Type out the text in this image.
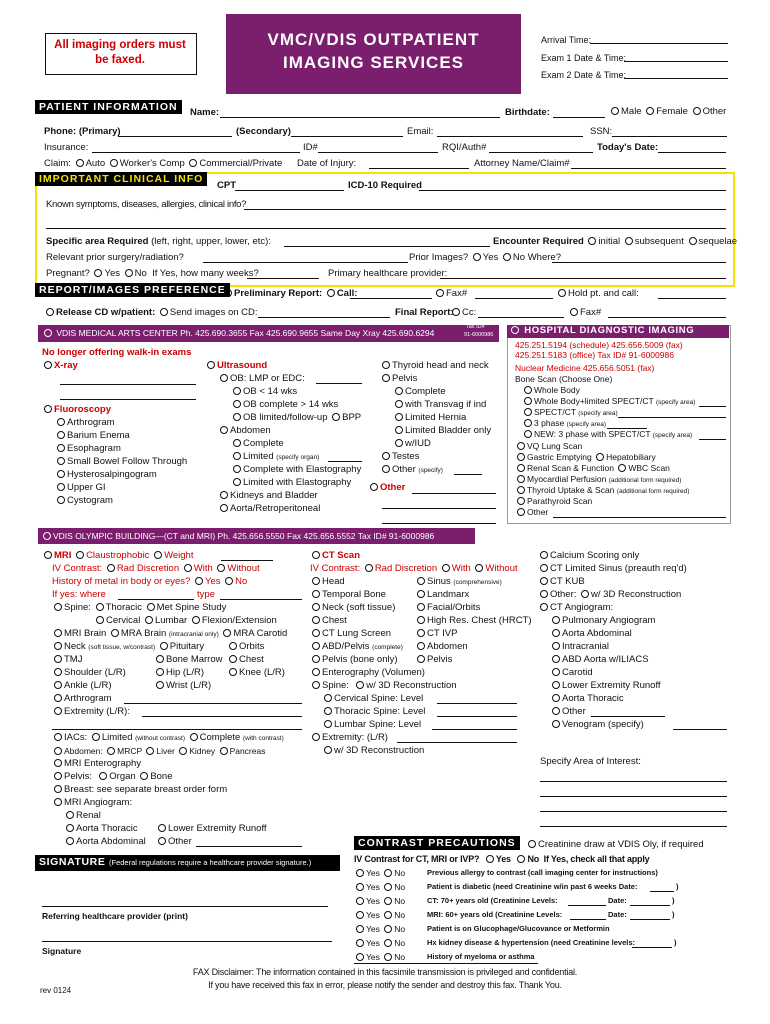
All imaging orders must be faxed.
VMC/VDIS OUTPATIENT
IMAGING SERVICES
Arrival Time:
Exam 1 Date & Time:
Exam 2 Date & Time:
PATIENT INFORMATION	Name:	Birthdate:	Male Female Other
Phone: (Primary)	(Secondary)	Email:	SSN:
Insurance:	ID#	RQI/Auth#	Today's Date:
Claim: Auto Worker's Comp Commercial/Private Date of Injury:	Attorney Name/Claim#
IMPORTANT CLINICAL INFO
CPT	ICD-10 Required
Known symptoms, diseases, allergies, clinical info?
Specific area Required (left, right, upper, lower, etc):	Encounter Required initial subsequent sequelae
Relevant prior surgery/radiation?	Prior Images? Yes No Where?
Pregnant? Yes No If Yes, how many weeks?	Primary healthcare provider:
REPORT/IMAGES PREFERENCE Preliminary Report: Call:	Fax#	Hold pt. and call:
Release CD w/patient: Send images on CD:	Final Report: Cc:	Fax#
VDIS MEDICAL ARTS CENTER Ph. 425.690.3655 Fax 425.690.9655 Same Day Xray 425.690.6294
Tax ID#
91-6000986
No longer offering walk-in exams
X-ray
Fluoroscopy
Arthrogram
Barium Enema
Esophagram
Small Bowel Follow Through
Hysterosalpingogram
Upper GI
Cystogram
Ultrasound
OB: LMP or EDC:
OB < 14 wks
OB complete > 14 wks
OB limited/follow-up BPP
Abdomen
Complete
Limited (specify organ)
Complete with Elastography
Limited with Elastography
Kidneys and Bladder
Aorta/Retroperitoneal
Thyroid head and neck
Pelvis
Complete
with Transvag if ind
Limited Hernia
Limited Bladder only
w/IUD
Testes
Other (specify)
Other
HOSPITAL DIAGNOSTIC IMAGING
425.251.5194 (schedule) 425.656.5009 (fax)
425.251.5183 (office) Tax ID# 91-6000986
Nuclear Medicine 425.656.5051 (fax)
Bone Scan (Choose One)
Whole Body
Whole Body+limited SPECT/CT (specify area)
SPECT/CT (specify area)
3 phase (specify area)
NEW: 3 phase with SPECT/CT (specify area)
VQ Lung Scan
Gastric Emptying Hepatobiliary
Renal Scan & Function WBC Scan
Myocardial Perfusion (additional form required)
Thyroid Uptake & Scan (additional form required)
Parathyroid Scan
Other
VDIS OLYMPIC BUILDING—(CT and MRI) Ph. 425.656.5550 Fax 425.656.5552 Tax ID# 91-6000986
MRI Claustrophobic Weight
IV Contrast: Rad Discretion With Without
History of metal in body or eyes? Yes No
If yes: where	type
Spine: Thoracic Met Spine Study
Cervical Lumbar Flexion/Extension
MRI Brain MRA Brain (intracranial only) MRA Carotid
Neck (soft tissue, w/contrast) Pituitary	Orbits
TMJ	Bone Marrow	Chest
Shoulder (L/R)	Hip (L/R)	Knee (L/R)
Ankle (L/R)	Wrist (L/R)
Arthrogram
Extremity (L/R):
IACs: Limited (without contrast) Complete (with contrast)
Abdomen: MRCP Liver Kidney Pancreas
MRI Enterography
Pelvis: Organ Bone
Breast: see separate breast order form
MRI Angiogram:
Renal
Aorta Thoracic	Lower Extremity Runoff
Aorta Abdominal	Other
CT Scan
IV Contrast: Rad Discretion With Without
Head	Sinus (comprehensive)
Temporal Bone	Landmarx
Neck (soft tissue)	Facial/Orbits
Chest	High Res. Chest (HRCT)
CT Lung Screen	CT IVP
ABD/Pelvis (complete)	Abdomen
Pelvis (bone only)	Pelvis
Enterography (Volumen)
Spine: w/ 3D Reconstruction
Cervical Spine: Level
Thoracic Spine: Level
Lumbar Spine: Level
Extremity: (L/R)
w/ 3D Reconstruction
Calcium Scoring only
CT Limited Sinus (preauth req'd)
CT KUB
Other: w/ 3D Reconstruction
CT Angiogram:
Pulmonary Angiogram
Aorta Abdominal
Intracranial
ABD Aorta w/ILIACS
Carotid
Lower Extremity Runoff
Aorta Thoracic
Other
Venogram (specify)
Specify Area of Interest:
CONTRAST PRECAUTIONS	Creatinine draw at VDIS Oly, if required
IV Contrast for CT, MRI or IVP? Yes No If Yes, check all that apply
Yes No	Previous allergy to contrast (call imaging center for instructions)
Yes No	Patient is diabetic (need Creatinine w/in past 6 weeks Date:	)
Yes No	CT: 70+ years old (Creatinine Levels:	Date:	)
Yes No	MRI: 60+ years old (Creatinine Levels:	Date:	)
Yes No	Patient is on Glucophage/Glucovance or Metformin
Yes No	Hx kidney disease & hypertension (need Creatinine levels:	)
Yes No	History of myeloma or asthma
SIGNATURE (Federal regulations require a healthcare provider signature.)
Referring healthcare provider (print)
Signature
FAX Disclaimer: The information contained in this facsimile transmission is privileged and confidential.
If you have received this fax in error, please notify the sender and destroy this fax. Thank You.
rev 0124
